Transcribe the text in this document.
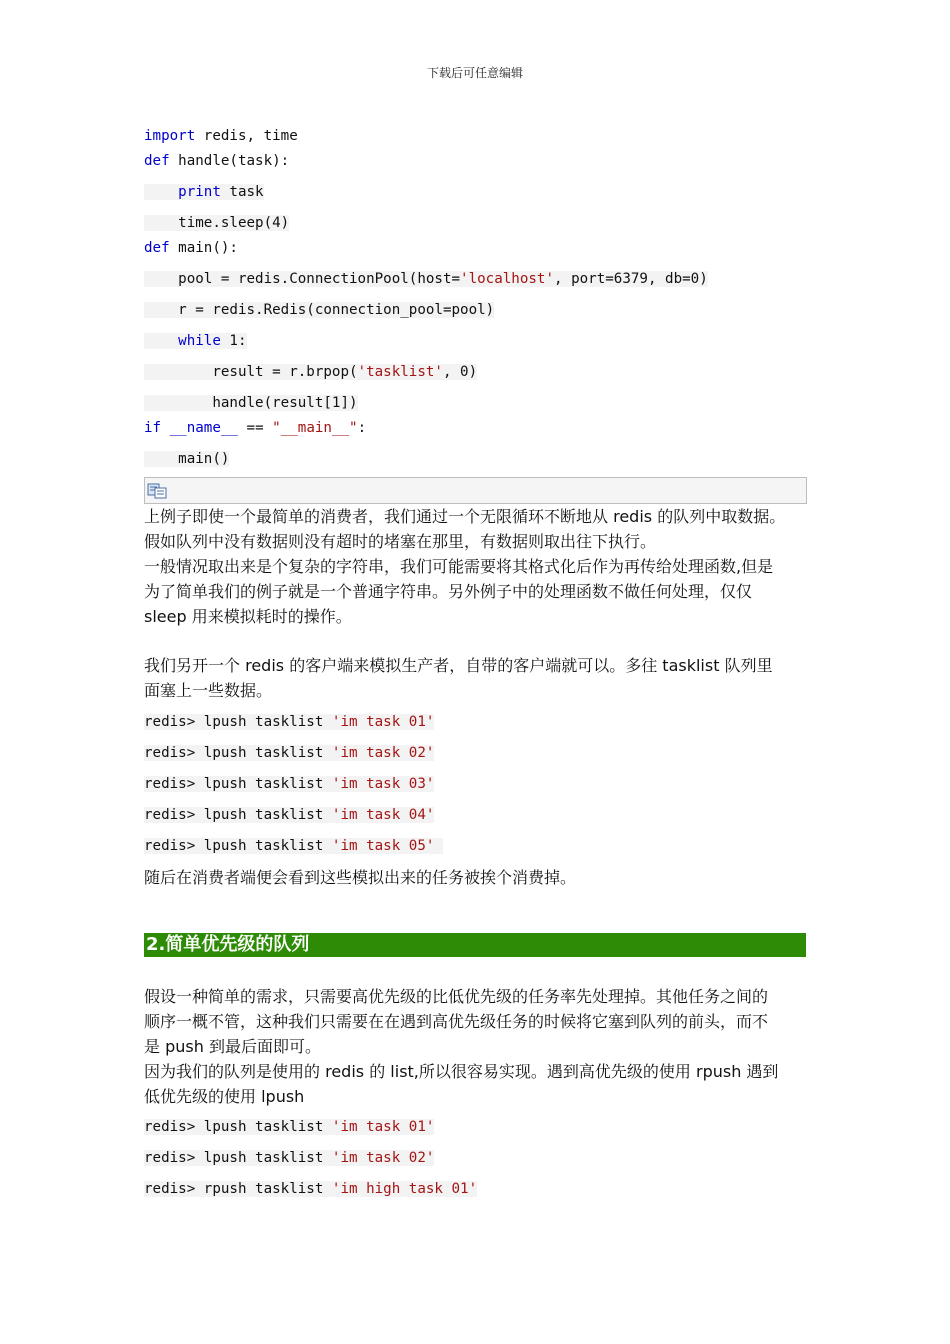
下载后可任意编辑
import redis, time
def handle(task):
print task
time.sleep(4)
def main():
pool = redis.ConnectionPool(host='localhost', port=6379, db=0)
r = redis.Redis(connection_pool=pool)
while 1:
result = r.brpop('tasklist', 0)
handle(result[1])
if __name__ == "__main__":
main()
上例子即使一个最简单的消费者，我们通过一个无限循环不断地从 redis 的队列中取数据。
假如队列中没有数据则没有超时的堵塞在那里，有数据则取出往下执行。
一般情况取出来是个复杂的字符串，我们可能需要将其格式化后作为再传给处理函数,但是
为了简单我们的例子就是一个普通字符串。另外例子中的处理函数不做任何处理，仅仅
sleep 用来模拟耗时的操作。
我们另开一个 redis 的客户端来模拟生产者，自带的客户端就可以。多往 tasklist 队列里
面塞上一些数据。
redis> lpush tasklist 'im task 01'
redis> lpush tasklist 'im task 02'
redis> lpush tasklist 'im task 03'
redis> lpush tasklist 'im task 04'
redis> lpush tasklist 'im task 05'
随后在消费者端便会看到这些模拟出来的任务被挨个消费掉。
2.简单优先级的队列
假设一种简单的需求，只需要高优先级的比低优先级的任务率先处理掉。其他任务之间的
顺序一概不管，这种我们只需要在在遇到高优先级任务的时候将它塞到队列的前头，而不
是 push 到最后面即可。
因为我们的队列是使用的 redis 的 list,所以很容易实现。遇到高优先级的使用 rpush 遇到
低优先级的使用 lpush
redis> lpush tasklist 'im task 01'
redis> lpush tasklist 'im task 02'
redis> rpush tasklist 'im high task 01'
